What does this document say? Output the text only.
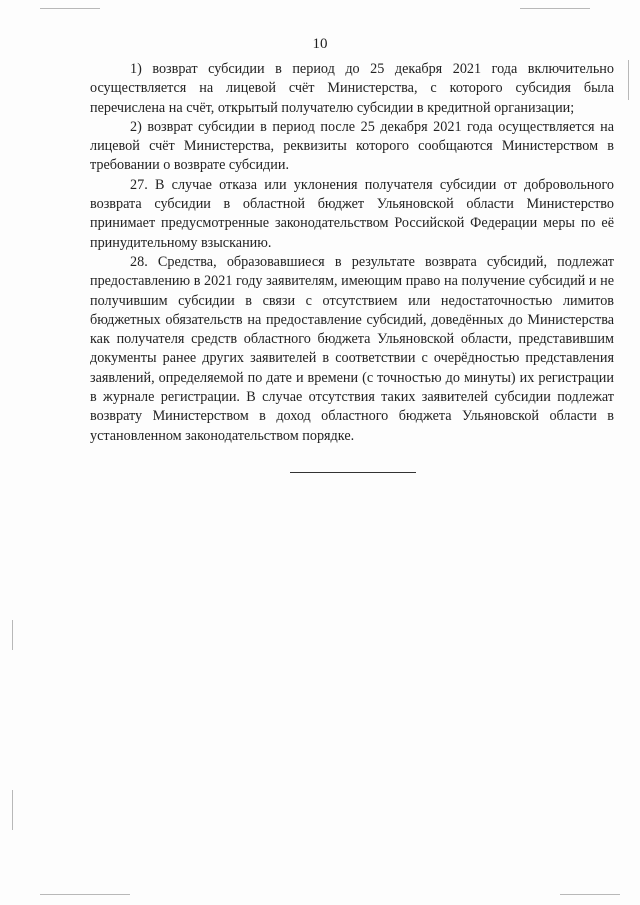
10

1) возврат субсидии в период до 25 декабря 2021 года включительно осуществляется на лицевой счёт Министерства, с которого субсидия была перечислена на счёт, открытый получателю субсидии в кредитной организации;

2) возврат субсидии в период после 25 декабря 2021 года осуществляется на лицевой счёт Министерства, реквизиты которого сообщаются Министерством в требовании о возврате субсидии.

27. В случае отказа или уклонения получателя субсидии от добровольного возврата субсидии в областной бюджет Ульяновской области Министерство принимает предусмотренные законодательством Российской Федерации меры по её принудительному взысканию.

28. Средства, образовавшиеся в результате возврата субсидий, подлежат предоставлению в 2021 году заявителям, имеющим право на получение субсидий и не получившим субсидии в связи с отсутствием или недостаточностью лимитов бюджетных обязательств на предоставление субсидий, доведённых до Министерства как получателя средств областного бюджета Ульяновской области, представившим документы ранее других заявителей в соответствии с очерёдностью представления заявлений, определяемой по дате и времени (с точностью до минуты) их регистрации в журнале регистрации. В случае отсутствия таких заявителей субсидии подлежат возврату Министерством в доход областного бюджета Ульяновской области в установленном законодательством порядке.
